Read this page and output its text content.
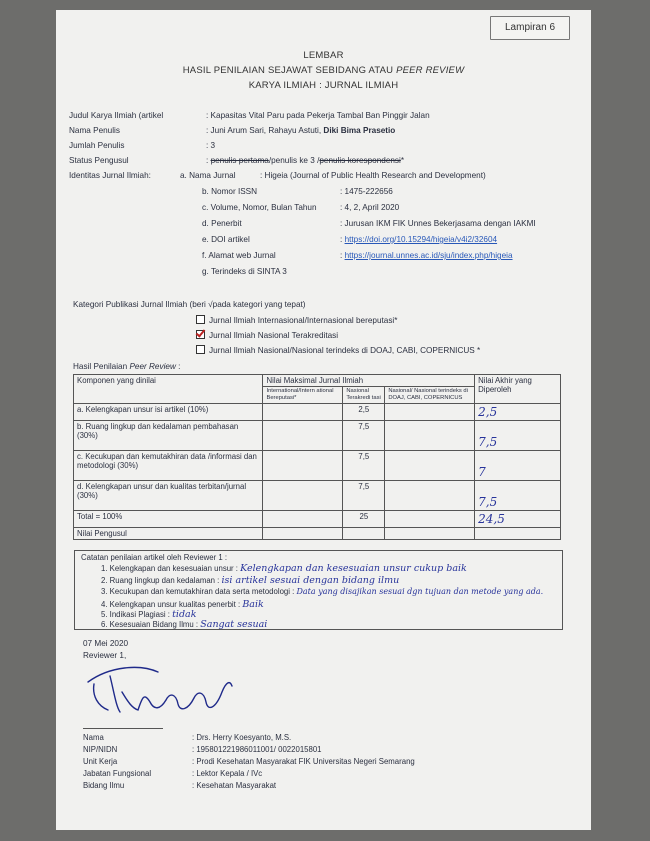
Lampiran 6
LEMBAR
HASIL PENILAIAN SEJAWAT SEBIDANG ATAU PEER REVIEW
KARYA ILMIAH : JURNAL ILMIAH
Judul Karya Ilmiah (artikel	: Kapasitas Vital Paru pada Pekerja Tambal Ban Pinggir Jalan
Nama Penulis	: Juni Arum Sari, Rahayu Astuti, Diki Bima Prasetio
Jumlah Penulis	: 3
Status Pengusul	: penulis pertama/penulis ke 3 /penulis korespondensi*
Identitas Jurnal Ilmiah:	a. Nama Jurnal	: Higeia (Journal of Public Health Research and Development)
b. Nomor ISSN	: 1475-222656
c. Volume, Nomor, Bulan Tahun	: 4, 2, April 2020
d. Penerbit	: Jurusan IKM FIK Unnes Bekerjasama dengan IAKMI
e. DOI artikel	: https://doi.org/10.15294/higeia/v4i2/32604
f. Alamat web Jurnal	: https://journal.unnes.ac.id/sju/index.php/higeia
g. Terindeks di SINTA 3
Kategori Publikasi Jurnal Ilmiah (beri √pada kategori yang tepat)
Jurnal Ilmiah Internasional/Internasional bereputasi*
Jurnal Ilmiah Nasional Terakreditasi
Jurnal Ilmiah Nasional/Nasional terindeks di DOAJ, CABI, COPERNICUS *
Hasil Penilaian Peer Review :
Komponen yang dinilai	Nilai Maksimal Jurnal Ilmiah			Nilai Akhir yang Diperoleh
	International/Intern ational Bereputasi*	Nasional Terakredi tasi	Nasional/ Nasional terindeks di DOAJ, CABI, COPERNICUS	
a. Kelengkapan unsur isi artikel (10%)		2,5		2,5
b. Ruang lingkup dan kedalaman pembahasan (30%)		7,5		7,5
c. Kecukupan dan kemutakhiran data /informasi dan metodologi (30%)		7,5		7
d. Kelengkapan unsur dan kualitas terbitan/jurnal (30%)		7,5		7,5
Total = 100%		25		24,5
Nilai Pengusul				
Catatan penilaian artikel oleh Reviewer 1 :
1. Kelengkapan dan kesesuaian unsur : Kelengkapan dan kesesuaian unsur cukup baik
2. Ruang lingkup dan kedalaman : isi artikel sesuai dengan bidang ilmu
3. Kecukupan dan kemutakhiran data serta metodologi : Data yang disajikan sesuai dgn tujuan dan metode yang ada.
4. Kelengkapan unsur kualitas penerbit : Baik
5. Indikasi Plagiasi : tidak
6. Kesesuaian Bidang Ilmu : Sangat sesuai
07 Mei 2020
Reviewer 1,
Nama	: Drs. Herry Koesyanto, M.S.
NIP/NIDN	: 195801221986011001/ 0022015801
Unit Kerja	: Prodi Kesehatan Masyarakat FIK Universitas Negeri Semarang
Jabatan Fungsional	: Lektor Kepala / IVc
Bidang Ilmu	: Kesehatan Masyarakat
